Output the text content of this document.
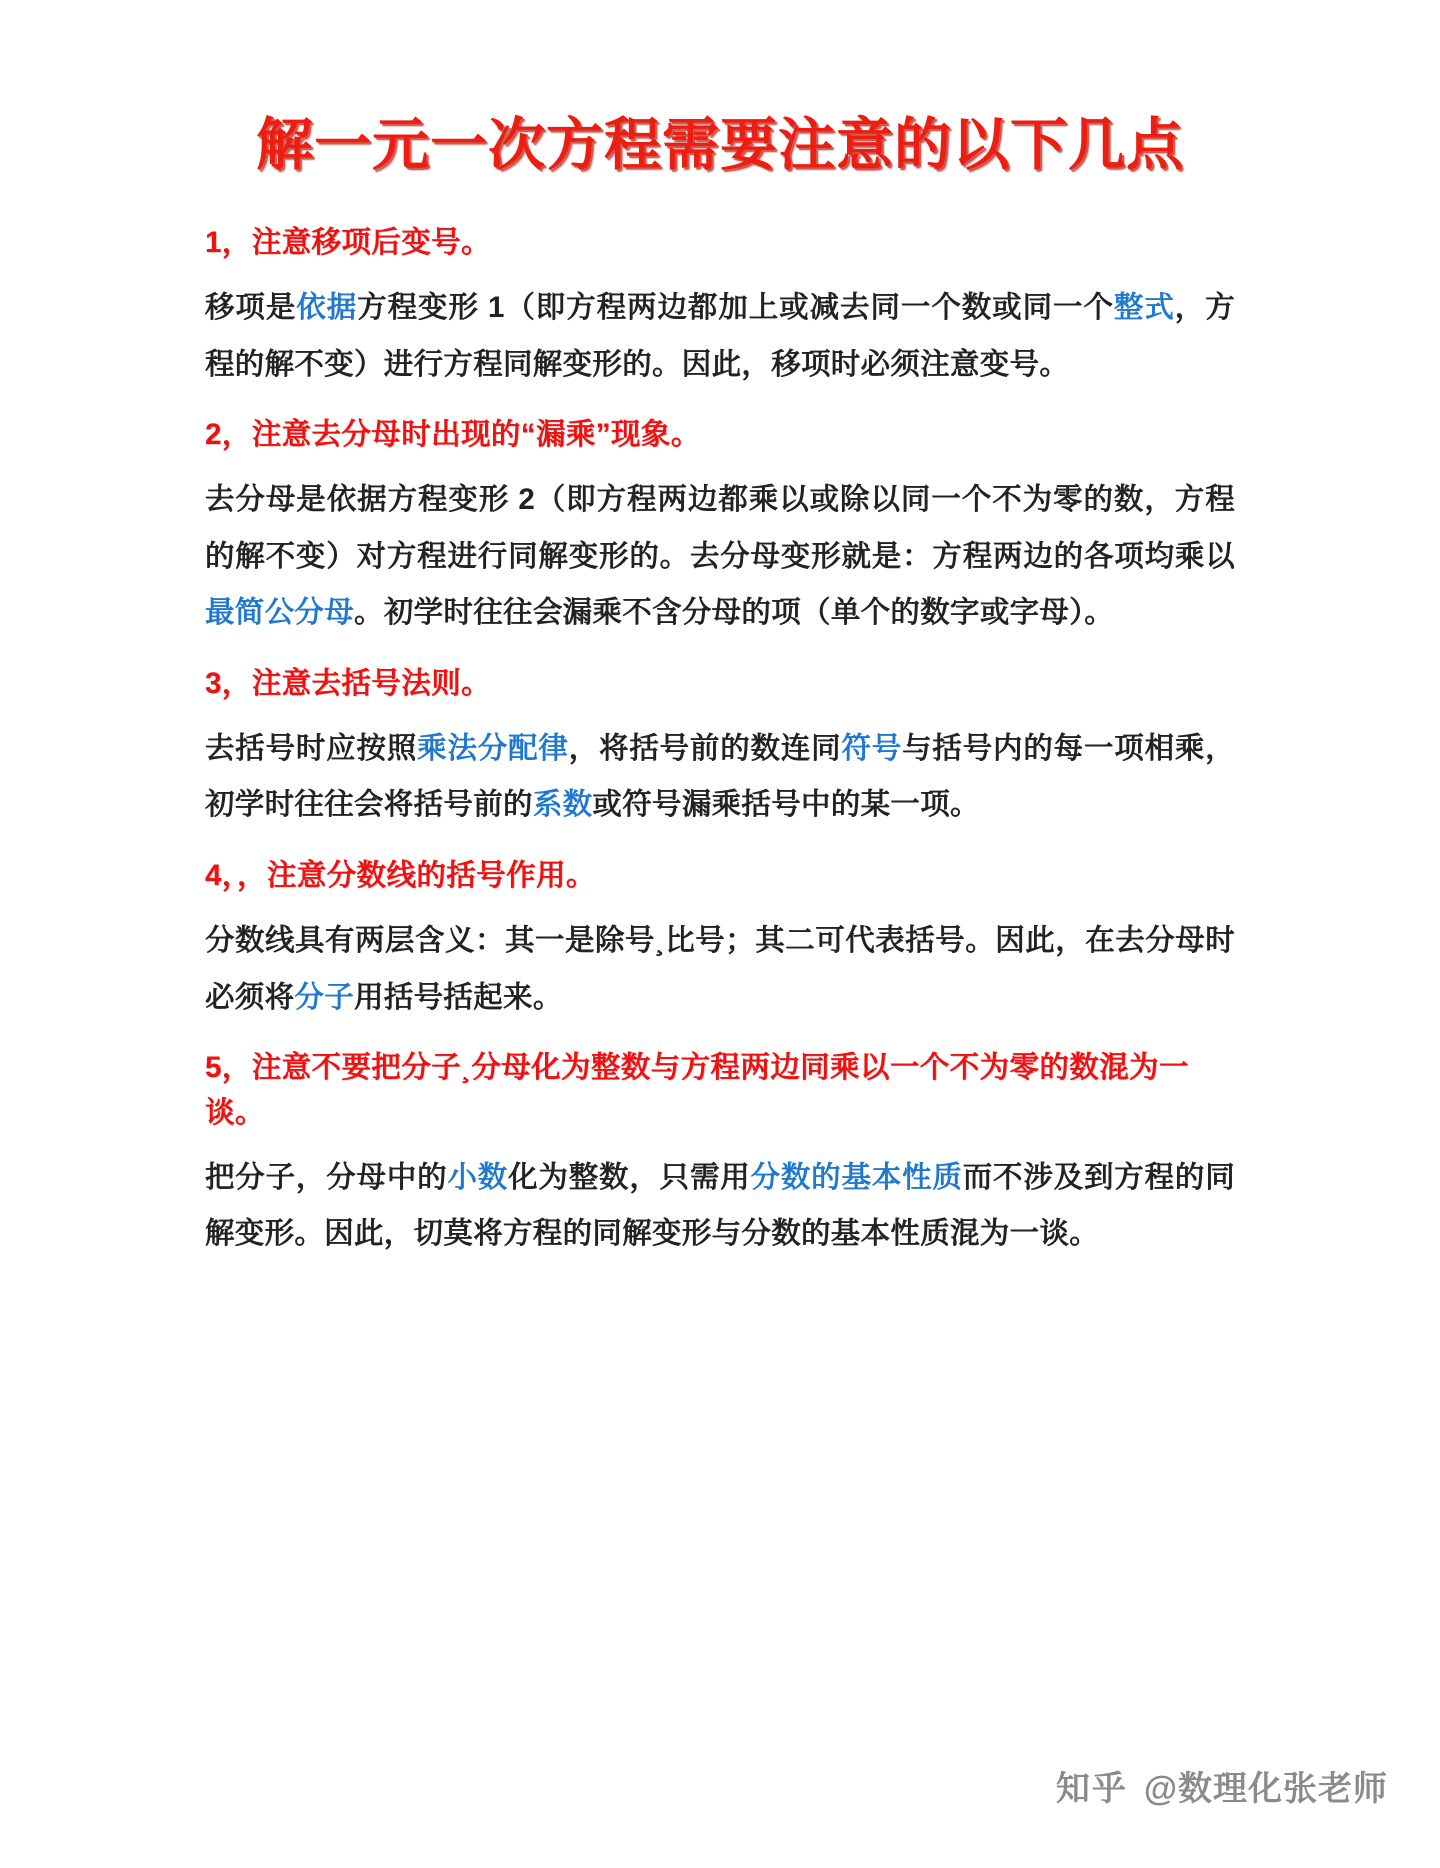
解一元一次方程需要注意的以下几点

1，注意移项后变号。

移项是依据方程变形 1（即方程两边都加上或减去同一个数或同一个整式，方程的解不变）进行方程同解变形的。因此，移项时必须注意变号。

2，注意去分母时出现的“漏乘”现象。

去分母是依据方程变形 2（即方程两边都乘以或除以同一个不为零的数，方程的解不变）对方程进行同解变形的。去分母变形就是：方程两边的各项均乘以最简公分母。初学时往往会漏乘不含分母的项（单个的数字或字母）。

3，注意去括号法则。

去括号时应按照乘法分配律，将括号前的数连同符号与括号内的每一项相乘，初学时往往会将括号前的系数或符号漏乘括号中的某一项。

4，，注意分数线的括号作用。

分数线具有两层含义：其一是除号¸比号；其二可代表括号。因此，在去分母时必须将分子用括号括起来。

5，注意不要把分子¸分母化为整数与方程两边同乘以一个不为零的数混为一谈。

把分子，分母中的小数化为整数，只需用分数的基本性质而不涉及到方程的同解变形。因此，切莫将方程的同解变形与分数的基本性质混为一谈。

知乎 @数理化张老师
